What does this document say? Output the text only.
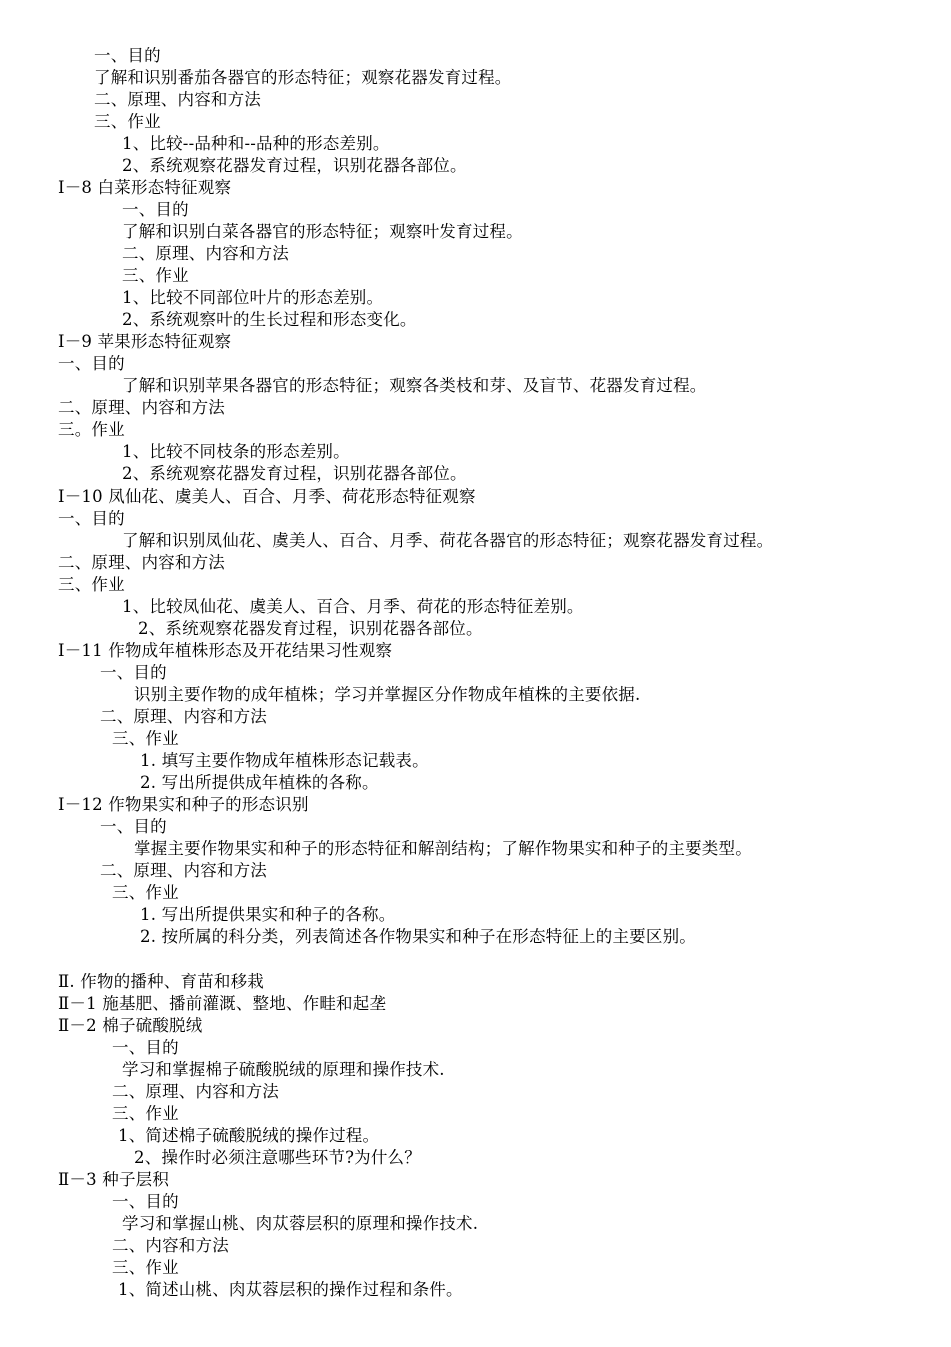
一、目的
了解和识别番茄各器官的形态特征；观察花器发育过程。
二、原理、内容和方法
三、作业
1、比较--品种和--品种的形态差别。
2、系统观察花器发育过程，识别花器各部位。
Ⅰ－8 白菜形态特征观察
一、目的
了解和识别白菜各器官的形态特征；观察叶发育过程。
二、原理、内容和方法
三、作业
1、比较不同部位叶片的形态差别。
2、系统观察叶的生长过程和形态变化。
Ⅰ－9 苹果形态特征观察
一、目的
了解和识别苹果各器官的形态特征；观察各类枝和芽、及盲节、花器发育过程。
二、原理、内容和方法
三。作业
1、比较不同枝条的形态差别。
2、系统观察花器发育过程，识别花器各部位。
Ⅰ－10 凤仙花、虞美人、百合、月季、荷花形态特征观察
一、目的
了解和识别凤仙花、虞美人、百合、月季、荷花各器官的形态特征；观察花器发育过程。
二、原理、内容和方法
三、作业
1、比较凤仙花、虞美人、百合、月季、荷花的形态特征差别。
2、系统观察花器发育过程，识别花器各部位。
Ⅰ－11 作物成年植株形态及开花结果习性观察
一、目的
识别主要作物的成年植株；学习并掌握区分作物成年植株的主要依据.
二、原理、内容和方法
三、作业
1. 填写主要作物成年植株形态记载表。
2. 写出所提供成年植株的各称。
Ⅰ－12 作物果实和种子的形态识别
一、目的
掌握主要作物果实和种子的形态特征和解剖结构；了解作物果实和种子的主要类型。
二、原理、内容和方法
三、作业
1. 写出所提供果实和种子的各称。
2. 按所属的科分类，列表简述各作物果实和种子在形态特征上的主要区别。
Ⅱ. 作物的播种、育苗和移栽
Ⅱ－1 施基肥、播前灌溉、整地、作畦和起垄
Ⅱ－2 棉子硫酸脱绒
一、目的
学习和掌握棉子硫酸脱绒的原理和操作技术.
二、原理、内容和方法
三、作业
1、简述棉子硫酸脱绒的操作过程。
2、操作时必须注意哪些环节?为什么？
Ⅱ－3 种子层积
一、目的
学习和掌握山桃、肉苁蓉层积的原理和操作技术.
二、内容和方法
三、作业
1、简述山桃、肉苁蓉层积的操作过程和条件。
